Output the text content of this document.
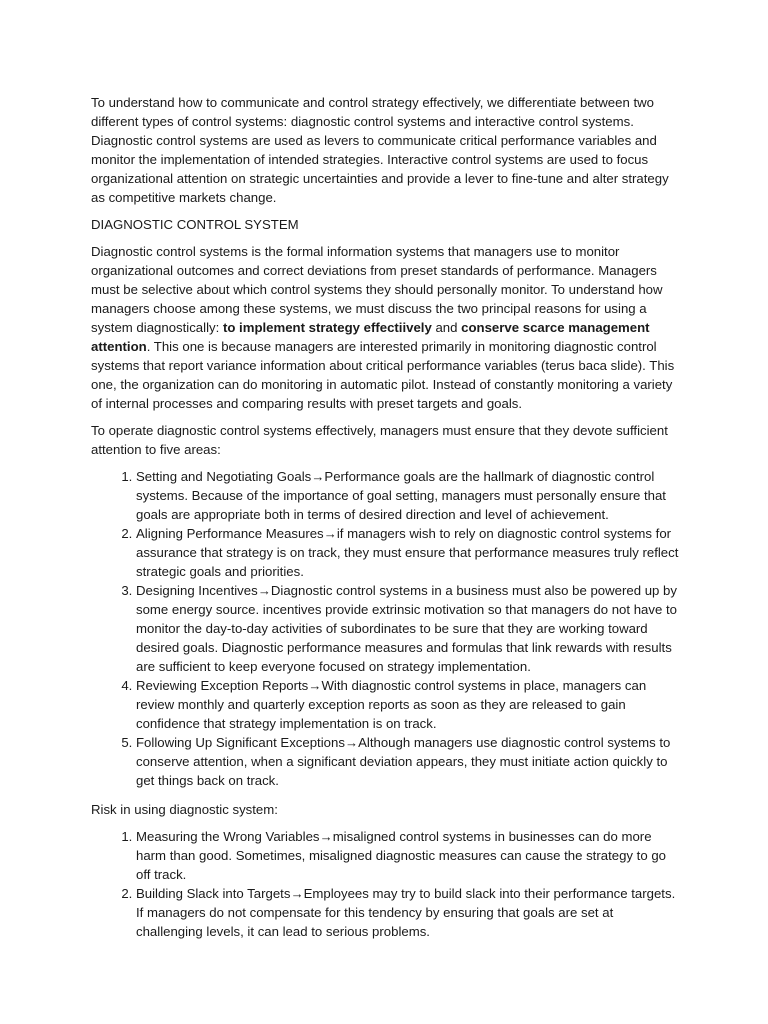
To understand how to communicate and control strategy effectively, we differentiate between two different types of control systems: diagnostic control systems and interactive control systems. Diagnostic control systems are used as levers to communicate critical performance variables and monitor the implementation of intended strategies. Interactive control systems are used to focus organizational attention on strategic uncertainties and provide a lever to fine-tune and alter strategy as competitive markets change.

DIAGNOSTIC CONTROL SYSTEM

Diagnostic control systems is the formal information systems that managers use to monitor organizational outcomes and correct deviations from preset standards of performance. Managers must be selective about which control systems they should personally monitor. To understand how managers choose among these systems, we must discuss the two principal reasons for using a system diagnostically: to implement strategy effectiively and conserve scarce management attention. This one is because managers are interested primarily in monitoring diagnostic control systems that report variance information about critical performance variables (terus baca slide). This one, the organization can do monitoring in automatic pilot. Instead of constantly monitoring a variety of internal processes and comparing results with preset targets and goals.

To operate diagnostic control systems effectively, managers must ensure that they devote sufficient attention to five areas:

1. Setting and Negotiating Goals→Performance goals are the hallmark of diagnostic control systems. Because of the importance of goal setting, managers must personally ensure that goals are appropriate both in terms of desired direction and level of achievement.
2. Aligning Performance Measures→if managers wish to rely on diagnostic control systems for assurance that strategy is on track, they must ensure that performance measures truly reflect strategic goals and priorities.
3. Designing Incentives→Diagnostic control systems in a business must also be powered up by some energy source. incentives provide extrinsic motivation so that managers do not have to monitor the day-to-day activities of subordinates to be sure that they are working toward desired goals. Diagnostic performance measures and formulas that link rewards with results are sufficient to keep everyone focused on strategy implementation.
4. Reviewing Exception Reports→With diagnostic control systems in place, managers can review monthly and quarterly exception reports as soon as they are released to gain confidence that strategy implementation is on track.
5. Following Up Significant Exceptions→Although managers use diagnostic control systems to conserve attention, when a significant deviation appears, they must initiate action quickly to get things back on track.

Risk in using diagnostic system:

1. Measuring the Wrong Variables→misaligned control systems in businesses can do more harm than good. Sometimes, misaligned diagnostic measures can cause the strategy to go off track.
2. Building Slack into Targets→Employees may try to build slack into their performance targets. If managers do not compensate for this tendency by ensuring that goals are set at challenging levels, it can lead to serious problems.
